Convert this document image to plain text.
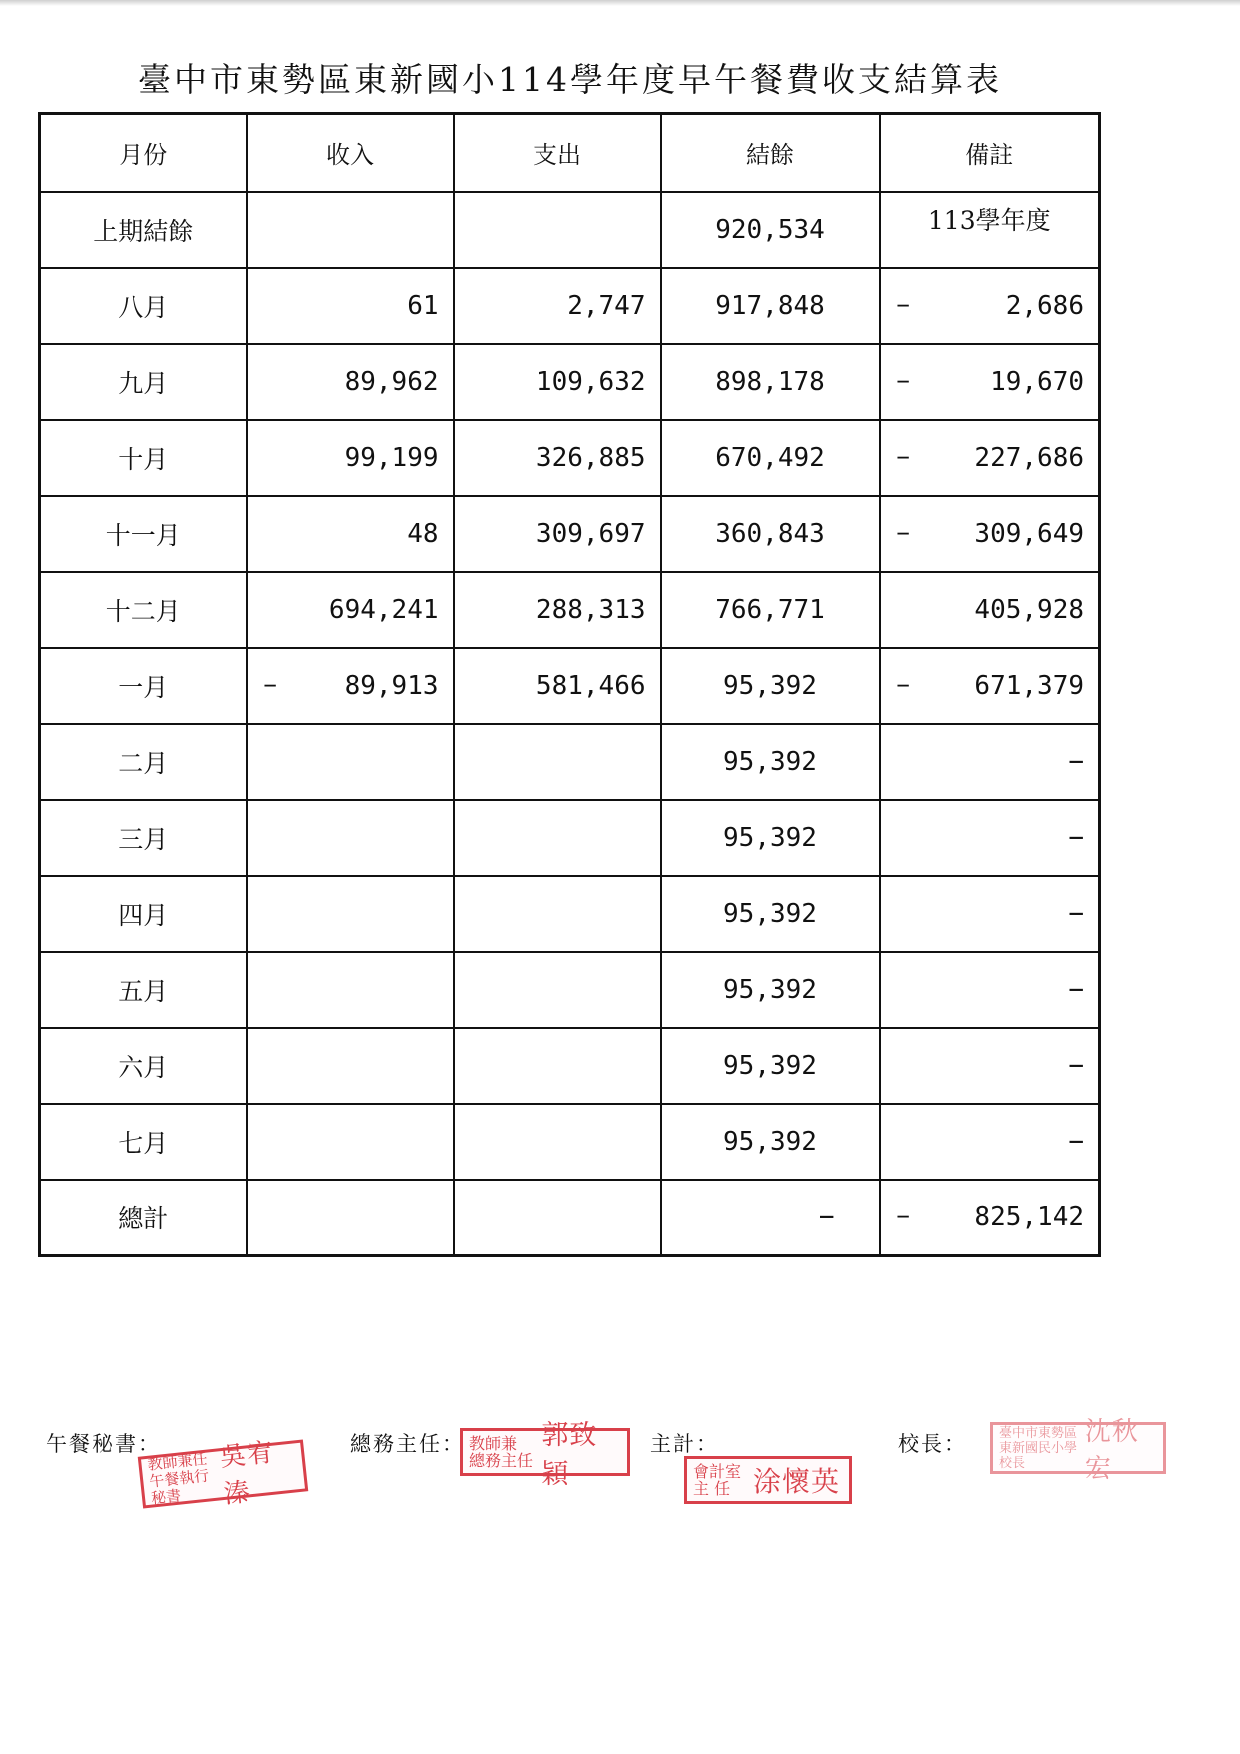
臺中市東勢區東新國小114學年度早午餐費收支結算表
月份	收入	支出	結餘	備註
上期結餘			920,534	113學年度

八月	61	2,747	917,848	− 2,686

九月	89,962	109,632	898,178	− 19,670

十月	99,199	326,885	670,492	− 227,686

十一月	48	309,697	360,843	− 309,649

十二月	694,241	288,313	766,771	405,928

一月	− 89,913	581,466	95,392	− 671,379

二月			95,392	−

三月			95,392	−

四月			95,392	−

五月			95,392	−

六月			95,392	−

七月			95,392	−

總計			−	− 825,142
午餐秘書：
教師兼任 午餐執行秘書
吳宥溱
總務主任： 教師兼 總務主任
郭致穎
主計：
會計室 主 任 涂懷英
校長： 臺中市東勢區 東新國民小學校長
沈秋宏
